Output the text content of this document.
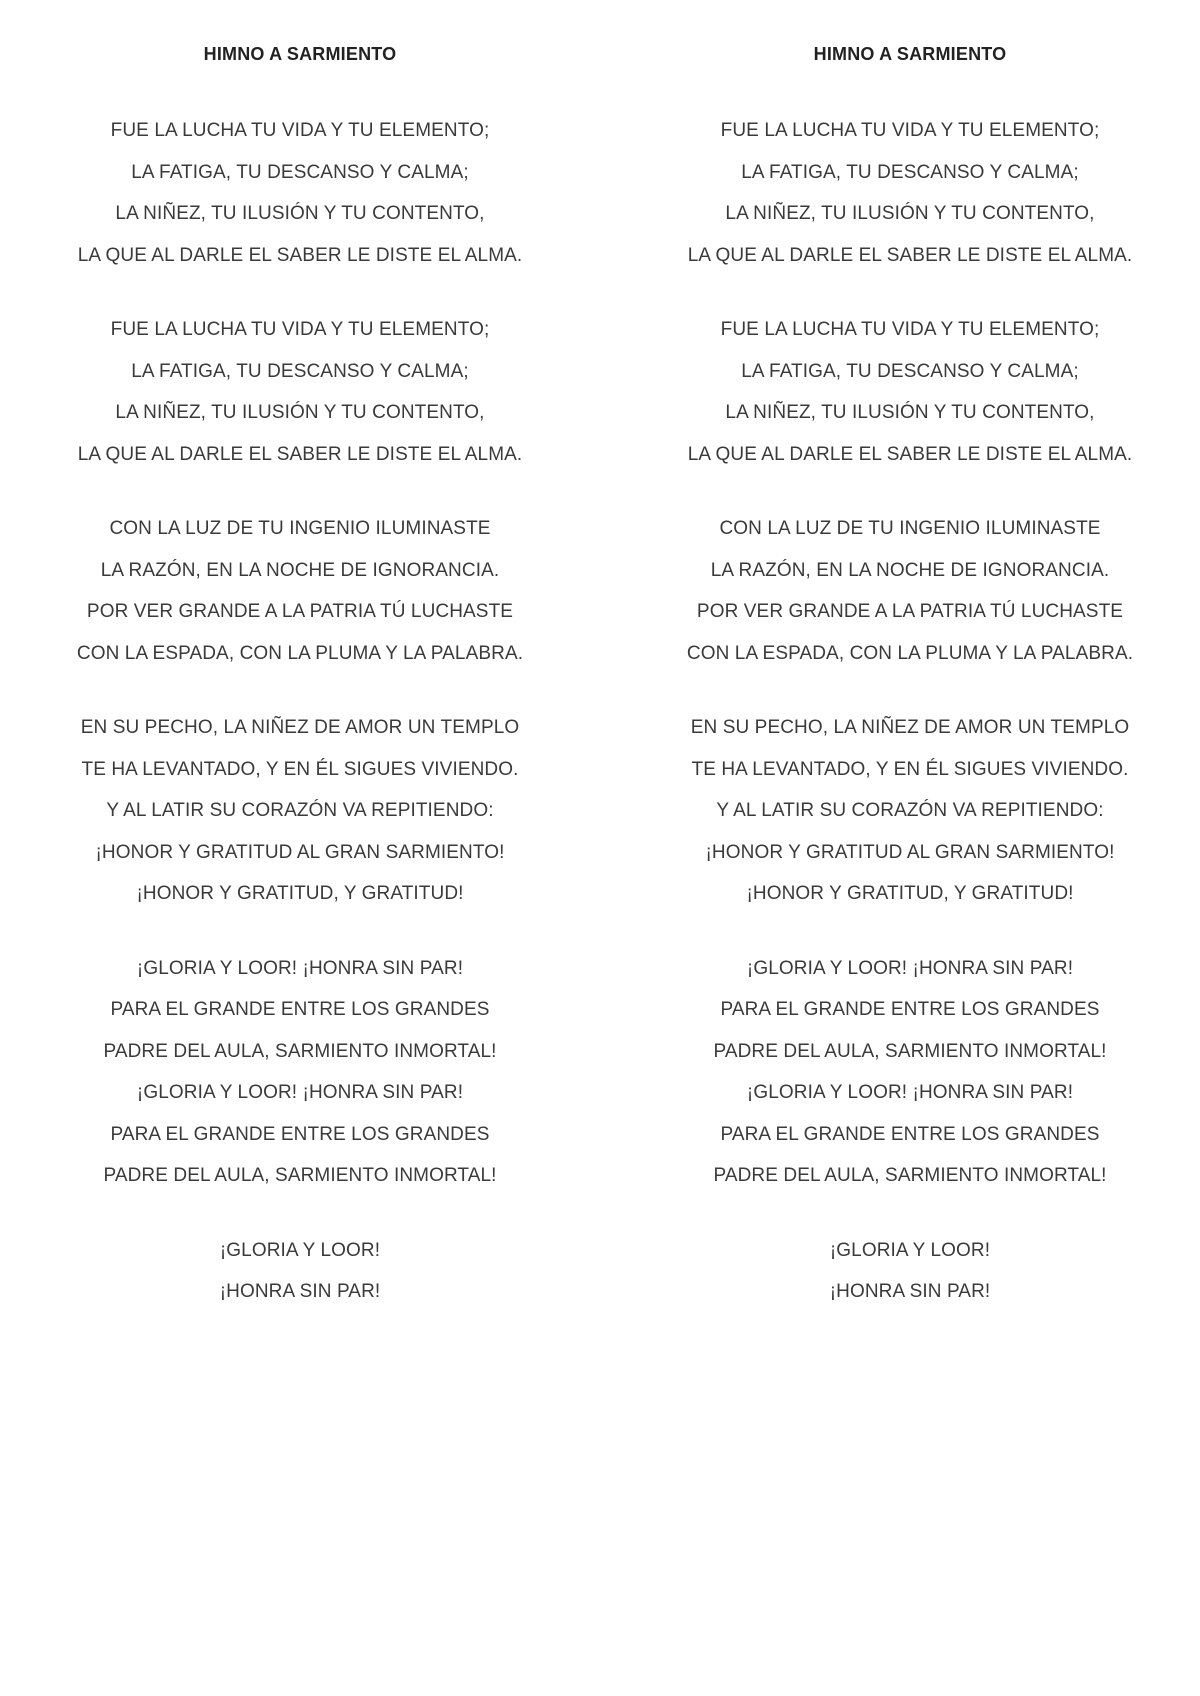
HIMNO A SARMIENTO
FUE LA LUCHA TU VIDA Y TU ELEMENTO;
LA FATIGA, TU DESCANSO Y CALMA;
LA NIÑEZ, TU ILUSIÓN Y TU CONTENTO,
LA QUE AL DARLE EL SABER LE DISTE EL ALMA.
FUE LA LUCHA TU VIDA Y TU ELEMENTO;
LA FATIGA, TU DESCANSO Y CALMA;
LA NIÑEZ, TU ILUSIÓN Y TU CONTENTO,
LA QUE AL DARLE EL SABER LE DISTE EL ALMA.
CON LA LUZ DE TU INGENIO ILUMINASTE
LA RAZÓN, EN LA NOCHE DE IGNORANCIA.
POR VER GRANDE A LA PATRIA TÚ LUCHASTE
CON LA ESPADA, CON LA PLUMA Y LA PALABRA.
EN SU PECHO, LA NIÑEZ DE AMOR UN TEMPLO
TE HA LEVANTADO, Y EN ÉL SIGUES VIVIENDO.
Y AL LATIR SU CORAZÓN VA REPITIENDO:
¡HONOR Y GRATITUD AL GRAN SARMIENTO!
¡HONOR Y GRATITUD, Y GRATITUD!
¡GLORIA Y LOOR! ¡HONRA SIN PAR!
PARA EL GRANDE ENTRE LOS GRANDES
PADRE DEL AULA, SARMIENTO INMORTAL!
¡GLORIA Y LOOR! ¡HONRA SIN PAR!
PARA EL GRANDE ENTRE LOS GRANDES
PADRE DEL AULA, SARMIENTO INMORTAL!
¡GLORIA Y LOOR!
¡HONRA SIN PAR!
HIMNO A SARMIENTO
FUE LA LUCHA TU VIDA Y TU ELEMENTO;
LA FATIGA, TU DESCANSO Y CALMA;
LA NIÑEZ, TU ILUSIÓN Y TU CONTENTO,
LA QUE AL DARLE EL SABER LE DISTE EL ALMA.
FUE LA LUCHA TU VIDA Y TU ELEMENTO;
LA FATIGA, TU DESCANSO Y CALMA;
LA NIÑEZ, TU ILUSIÓN Y TU CONTENTO,
LA QUE AL DARLE EL SABER LE DISTE EL ALMA.
CON LA LUZ DE TU INGENIO ILUMINASTE
LA RAZÓN, EN LA NOCHE DE IGNORANCIA.
POR VER GRANDE A LA PATRIA TÚ LUCHASTE
CON LA ESPADA, CON LA PLUMA Y LA PALABRA.
EN SU PECHO, LA NIÑEZ DE AMOR UN TEMPLO
TE HA LEVANTADO, Y EN ÉL SIGUES VIVIENDO.
Y AL LATIR SU CORAZÓN VA REPITIENDO:
¡HONOR Y GRATITUD AL GRAN SARMIENTO!
¡HONOR Y GRATITUD, Y GRATITUD!
¡GLORIA Y LOOR! ¡HONRA SIN PAR!
PARA EL GRANDE ENTRE LOS GRANDES
PADRE DEL AULA, SARMIENTO INMORTAL!
¡GLORIA Y LOOR! ¡HONRA SIN PAR!
PARA EL GRANDE ENTRE LOS GRANDES
PADRE DEL AULA, SARMIENTO INMORTAL!
¡GLORIA Y LOOR!
¡HONRA SIN PAR!
